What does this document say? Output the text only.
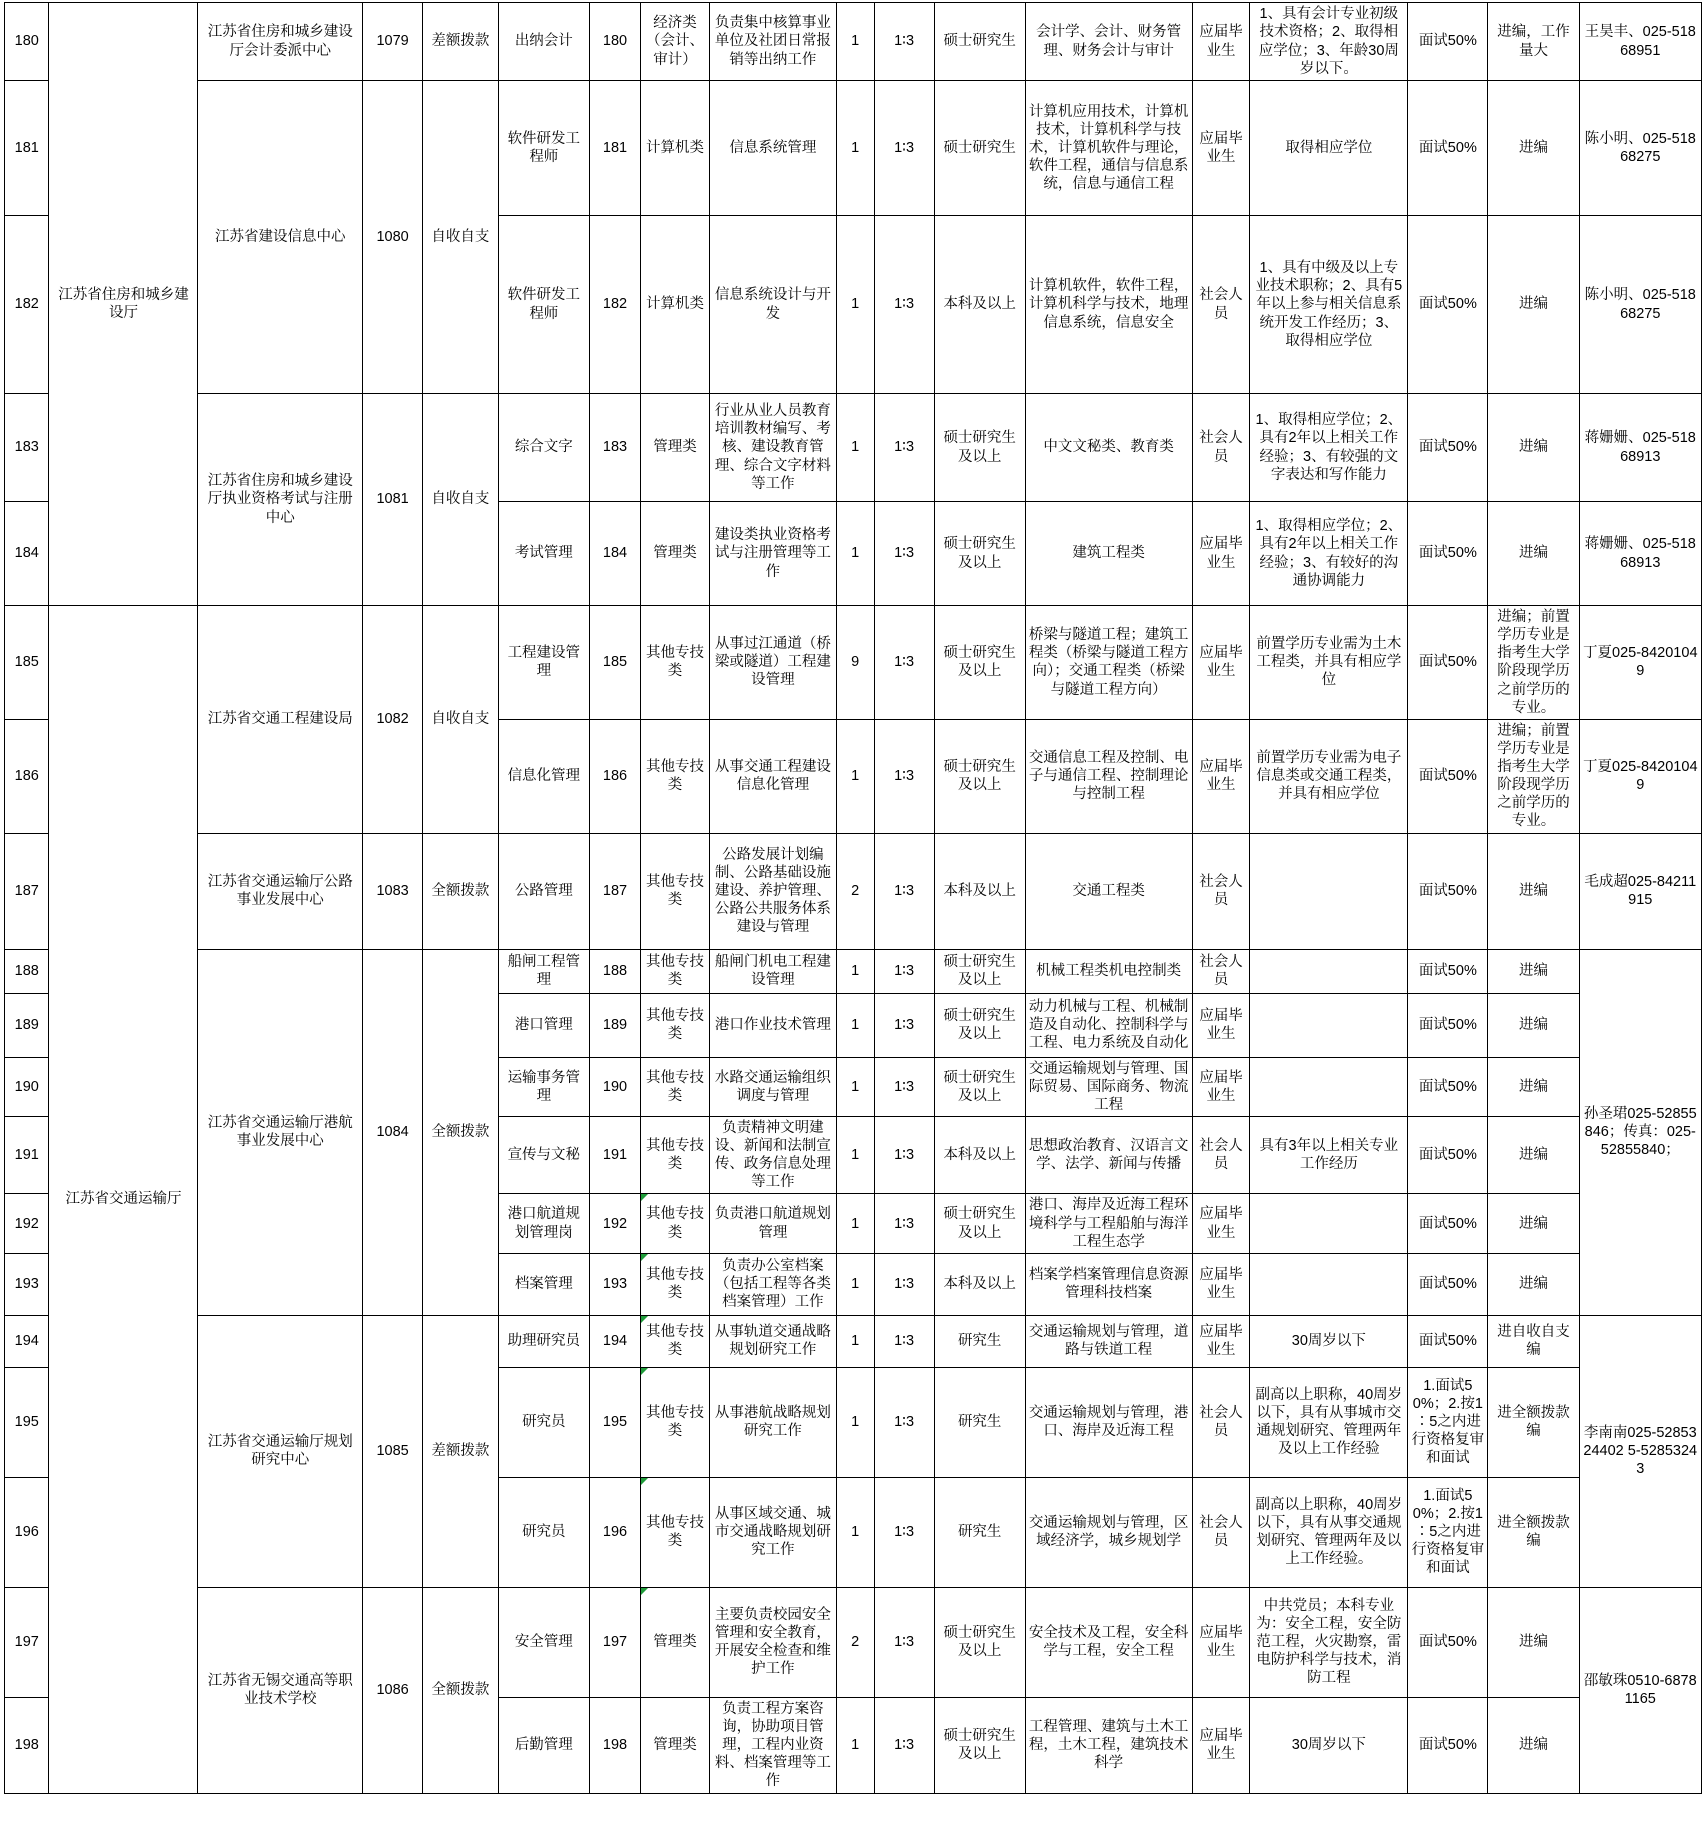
180	江苏省住房和城乡建设厅	江苏省住房和城乡建设厅会计委派中心	1079	差额拨款	出纳会计	180	经济类（会计、审计）	负责集中核算事业单位及社团日常报销等出纳工作	1	1∶3	硕士研究生	会计学、会计、财务管理、财务会计与审计	应届毕业生	1、具有会计专业初级技术资格；2、取得相应学位；3、年龄30周岁以下。	面试50%	进编，工作量大	王昊丰、025-51868951
181		江苏省建设信息中心	1080	自收自支	软件研发工程师	181	计算机类	信息系统管理	1	1∶3	硕士研究生	计算机应用技术，计算机技术，计算机科学与技术，计算机软件与理论，软件工程，通信与信息系统，信息与通信工程	应届毕业生	取得相应学位	面试50%	进编	陈小明、025-51868275
182					软件研发工程师	182	计算机类	信息系统设计与开发	1	1∶3	本科及以上	计算机软件，软件工程，计算机科学与技术，地理信息系统，信息安全	社会人员	1、具有中级及以上专业技术职称；2、具有5年以上参与相关信息系统开发工作经历；3、取得相应学位	面试50%	进编	陈小明、025-51868275
183		江苏省住房和城乡建设厅执业资格考试与注册中心	1081	自收自支	综合文字	183	管理类	行业从业人员教育培训教材编写、考核、建设教育管理、综合文字材料等工作	1	1∶3	硕士研究生及以上	中文文秘类、教育类	社会人员	1、取得相应学位；2、具有2年以上相关工作经验；3、有较强的文字表达和写作能力	面试50%	进编	蒋姗姗、025-51868913
184					考试管理	184	管理类	建设类执业资格考试与注册管理等工作	1	1∶3	硕士研究生及以上	建筑工程类	应届毕业生	1、取得相应学位；2、具有2年以上相关工作经验；3、有较好的沟通协调能力	面试50%	进编	蒋姗姗、025-51868913
185	江苏省交通运输厅	江苏省交通工程建设局	1082	自收自支	工程建设管理	185	其他专技类	从事过江通道（桥梁或隧道）工程建设管理	9	1∶3	硕士研究生及以上	桥梁与隧道工程；建筑工程类（桥梁与隧道工程方向）；交通工程类（桥梁与隧道工程方向）	应届毕业生	前置学历专业需为土木工程类，并具有相应学位	面试50%	进编；前置学历专业是指考生大学阶段现学历之前学历的专业。	丁夏025-84201049
186					信息化管理	186	其他专技类	从事交通工程建设信息化管理	1	1∶3	硕士研究生及以上	交通信息工程及控制、电子与通信工程、控制理论与控制工程	应届毕业生	前置学历专业需为电子信息类或交通工程类，并具有相应学位	面试50%	进编；前置学历专业是指考生大学阶段现学历之前学历的专业。	丁夏025-84201049
187		江苏省交通运输厅公路事业发展中心	1083	全额拨款	公路管理	187	其他专技类	公路发展计划编制、公路基础设施建设、养护管理、公路公共服务体系建设与管理	2	1∶3	本科及以上	交通工程类	社会人员		面试50%	进编	毛成超025-84211915
188		江苏省交通运输厅港航事业发展中心	1084	全额拨款	船闸工程管理	188	其他专技类	船闸门机电工程建设管理	1	1∶3	硕士研究生及以上	机械工程类机电控制类	社会人员		面试50%	进编	孙圣珺025-52855846；传真：025-52855840；
189					港口管理	189	其他专技类	港口作业技术管理	1	1∶3	硕士研究生及以上	动力机械与工程、机械制造及自动化、控制科学与工程、电力系统及自动化	应届毕业生		面试50%	进编	
190					运输事务管理	190	其他专技类	水路交通运输组织调度与管理	1	1∶3	硕士研究生及以上	交通运输规划与管理、国际贸易、国际商务、物流工程	应届毕业生		面试50%	进编	
191					宣传与文秘	191	其他专技类	负责精神文明建设、新闻和法制宣传、政务信息处理等工作	1	1∶3	本科及以上	思想政治教育、汉语言文学、法学、新闻与传播	社会人员	具有3年以上相关专业工作经历	面试50%	进编	
192					港口航道规划管理岗	192	其他专技类	负责港口航道规划管理	1	1∶3	硕士研究生及以上	港口、海岸及近海工程环境科学与工程船舶与海洋工程生态学	应届毕业生		面试50%	进编	
193					档案管理	193	其他专技类	负责办公室档案（包括工程等各类档案管理）工作	1	1∶3	本科及以上	档案学档案管理信息资源管理科技档案	应届毕业生		面试50%	进编	
194		江苏省交通运输厅规划研究中心	1085	差额拨款	助理研究员	194	其他专技类	从事轨道交通战略规划研究工作	1	1∶3	研究生	交通运输规划与管理，道路与铁道工程	应届毕业生	30周岁以下	面试50%	进自收自支编	李南南025-5285324402 5-52853243
195					研究员	195	其他专技类	从事港航战略规划研究工作	1	1∶3	研究生	交通运输规划与管理，港口、海岸及近海工程	社会人员	副高以上职称，40周岁以下，具有从事城市交通规划研究、管理两年及以上工作经验	1.面试50%；2.按1∶5之内进行资格复审和面试	进全额拨款编	
196					研究员	196	其他专技类	从事区域交通、城市交通战略规划研究工作	1	1∶3	研究生	交通运输规划与管理，区域经济学，城乡规划学	社会人员	副高以上职称，40周岁以下，具有从事交通规划研究、管理两年及以上工作经验。	1.面试50%；2.按1∶5之内进行资格复审和面试	进全额拨款编	
197		江苏省无锡交通高等职业技术学校	1086	全额拨款	安全管理	197	管理类	主要负责校园安全管理和安全教育，开展安全检查和维护工作	2	1∶3	硕士研究生及以上	安全技术及工程，安全科学与工程，安全工程	应届毕业生	中共党员；本科专业为：安全工程，安全防范工程，火灾勘察，雷电防护科学与技术，消防工程	面试50%	进编	邵敏珠0510-68781165
198					后勤管理	198	管理类	负责工程方案咨询，协助项目管理，工程内业资料、档案管理等工作	1	1∶3	硕士研究生及以上	工程管理、建筑与土木工程，土木工程，建筑技术科学	应届毕业生	30周岁以下	面试50%	进编	
